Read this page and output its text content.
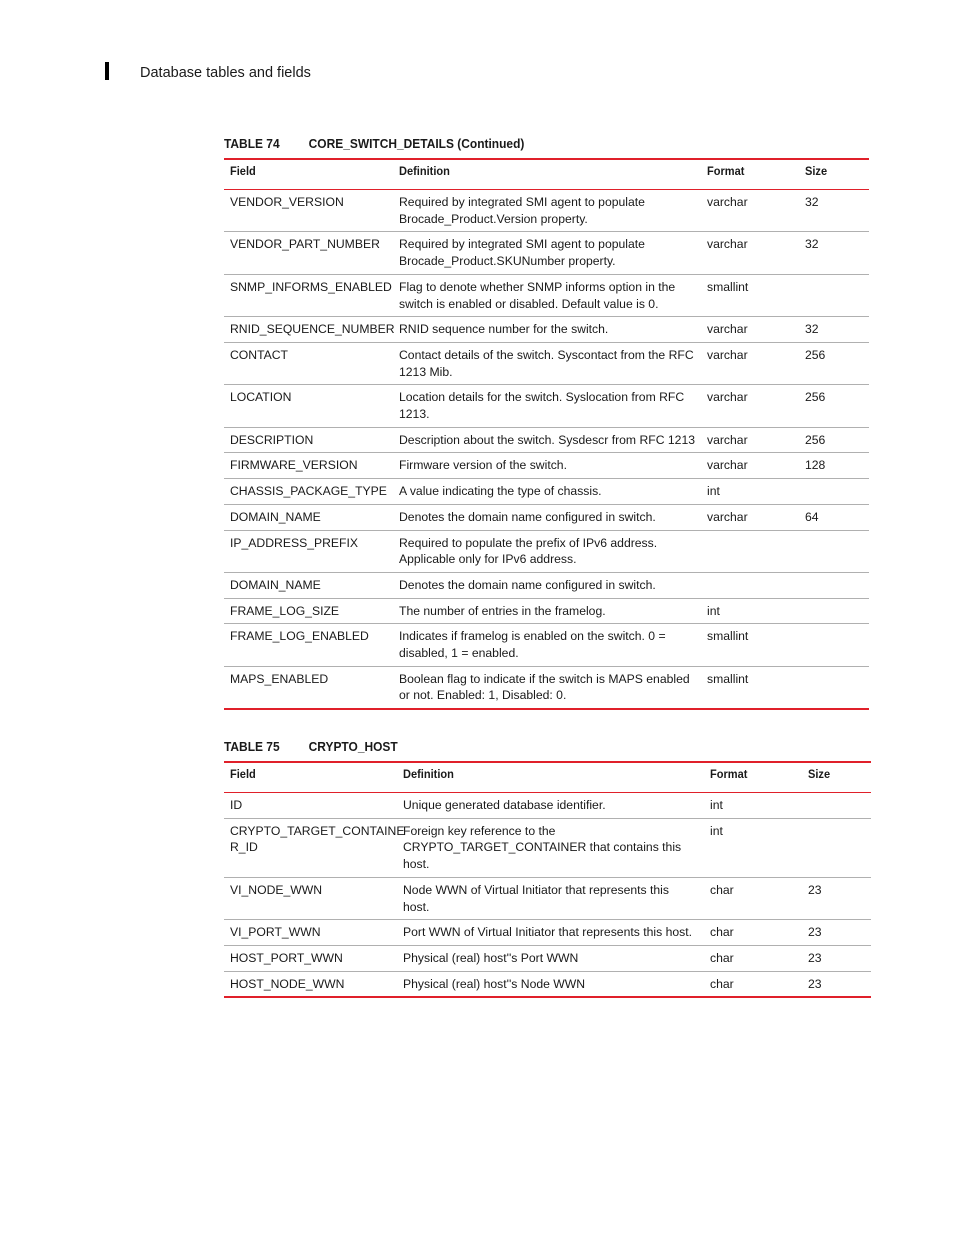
Database tables and fields
TABLE 74 CORE_SWITCH_DETAILS (Continued)
Field	Definition	Format	Size
VENDOR_VERSION	Required by integrated SMI agent to populate Brocade_Product.Version property.	varchar	32
VENDOR_PART_NUMBER	Required by integrated SMI agent to populate Brocade_Product.SKUNumber property.	varchar	32
SNMP_INFORMS_ENABLED	Flag to denote whether SNMP informs option in the switch is enabled or disabled. Default value is 0.	smallint	
RNID_SEQUENCE_NUMBER	RNID sequence number for the switch.	varchar	32
CONTACT	Contact details of the switch. Syscontact from the RFC 1213 Mib.	varchar	256
LOCATION	Location details for the switch. Syslocation from RFC 1213.	varchar	256
DESCRIPTION	Description about the switch. Sysdescr from RFC 1213	varchar	256
FIRMWARE_VERSION	Firmware version of the switch.	varchar	128
CHASSIS_PACKAGE_TYPE	A value indicating the type of chassis.	int	
DOMAIN_NAME	Denotes the domain name configured in switch.	varchar	64
IP_ADDRESS_PREFIX	Required to populate the prefix of IPv6 address. Applicable only for IPv6 address.		
DOMAIN_NAME	Denotes the domain name configured in switch.		
FRAME_LOG_SIZE	The number of entries in the framelog.	int	
FRAME_LOG_ENABLED	Indicates if framelog is enabled on the switch. 0 = disabled, 1 = enabled.	smallint	
MAPS_ENABLED	Boolean flag to indicate if the switch is MAPS enabled or not. Enabled: 1, Disabled: 0.	smallint	
TABLE 75 CRYPTO_HOST
Field	Definition	Format	Size
ID	Unique generated database identifier.	int	
CRYPTO_TARGET_CONTAINE R_ID	Foreign key reference to the CRYPTO_TARGET_CONTAINER that contains this host.	int	
VI_NODE_WWN	Node WWN of Virtual Initiator that represents this host.	char	23
VI_PORT_WWN	Port WWN of Virtual Initiator that represents this host.	char	23
HOST_PORT_WWN	Physical (real) host''s Port WWN	char	23
HOST_NODE_WWN	Physical (real) host''s Node WWN	char	23
